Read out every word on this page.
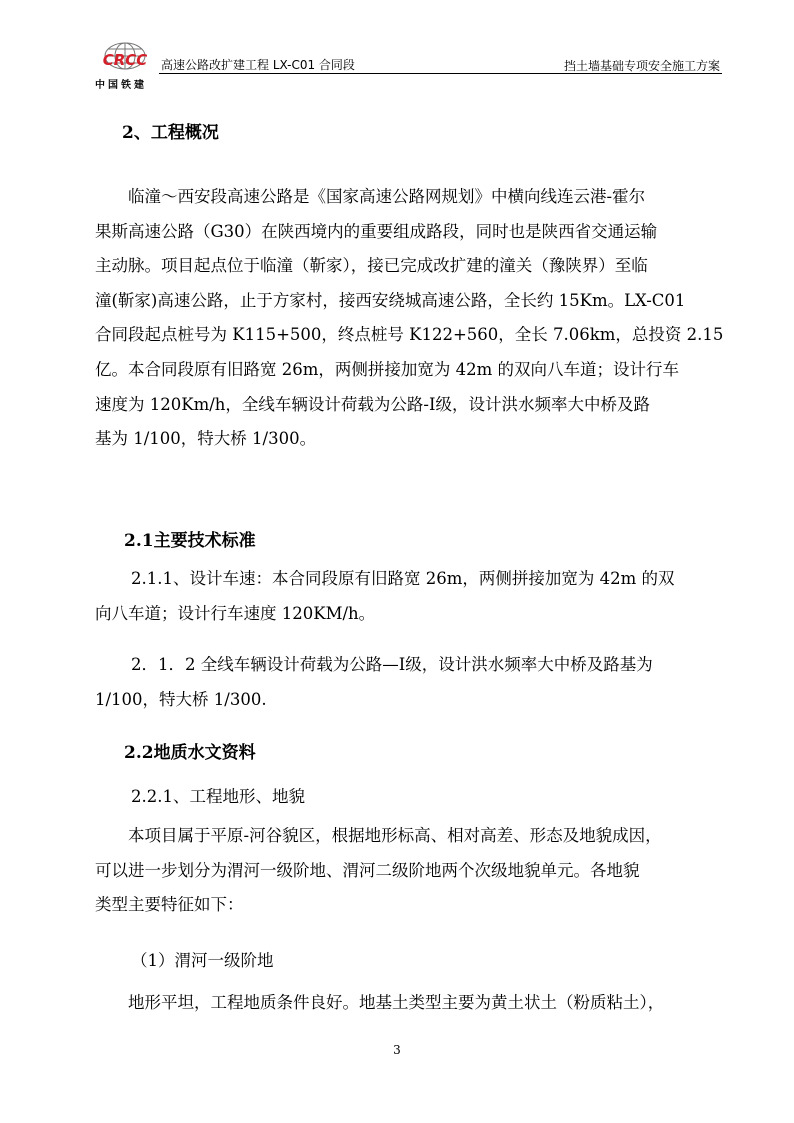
CRCC
中国铁建
高速公路改扩建工程 LX-C01 合同段	挡土墙基础专项安全施工方案
2、工程概况

临潼～西安段高速公路是《国家高速公路网规划》中横向线连云港-霍尔

果斯高速公路（G30）在陕西境内的重要组成路段，同时也是陕西省交通运输

主动脉。项目起点位于临潼（靳家），接已完成改扩建的潼关（豫陕界）至临

潼(靳家)高速公路，止于方家村，接西安绕城高速公路，全长约 15Km。LX-C01

合同段起点桩号为 K115+500，终点桩号 K122+560，全长 7.06km，总投资 2.15

亿。本合同段原有旧路宽 26m，两侧拼接加宽为 42m 的双向八车道；设计行车

速度为 120Km/h，全线车辆设计荷载为公路-Ⅰ级，设计洪水频率大中桥及路

基为 1/100，特大桥 1/300。

2.1主要技术标准

2.1.1、设计车速：本合同段原有旧路宽 26m，两侧拼接加宽为 42m 的双

向八车道；设计行车速度 120KM/h。

2．1．2 全线车辆设计荷载为公路—Ⅰ级，设计洪水频率大中桥及路基为

1/100，特大桥 1/300.

2.2地质水文资料

2.2.1、工程地形、地貌

本项目属于平原-河谷貌区，根据地形标高、相对高差、形态及地貌成因，

可以进一步划分为渭河一级阶地、渭河二级阶地两个次级地貌单元。各地貌

类型主要特征如下：

（1）渭河一级阶地

地形平坦，工程地质条件良好。地基土类型主要为黄土状土（粉质粘土），

3
